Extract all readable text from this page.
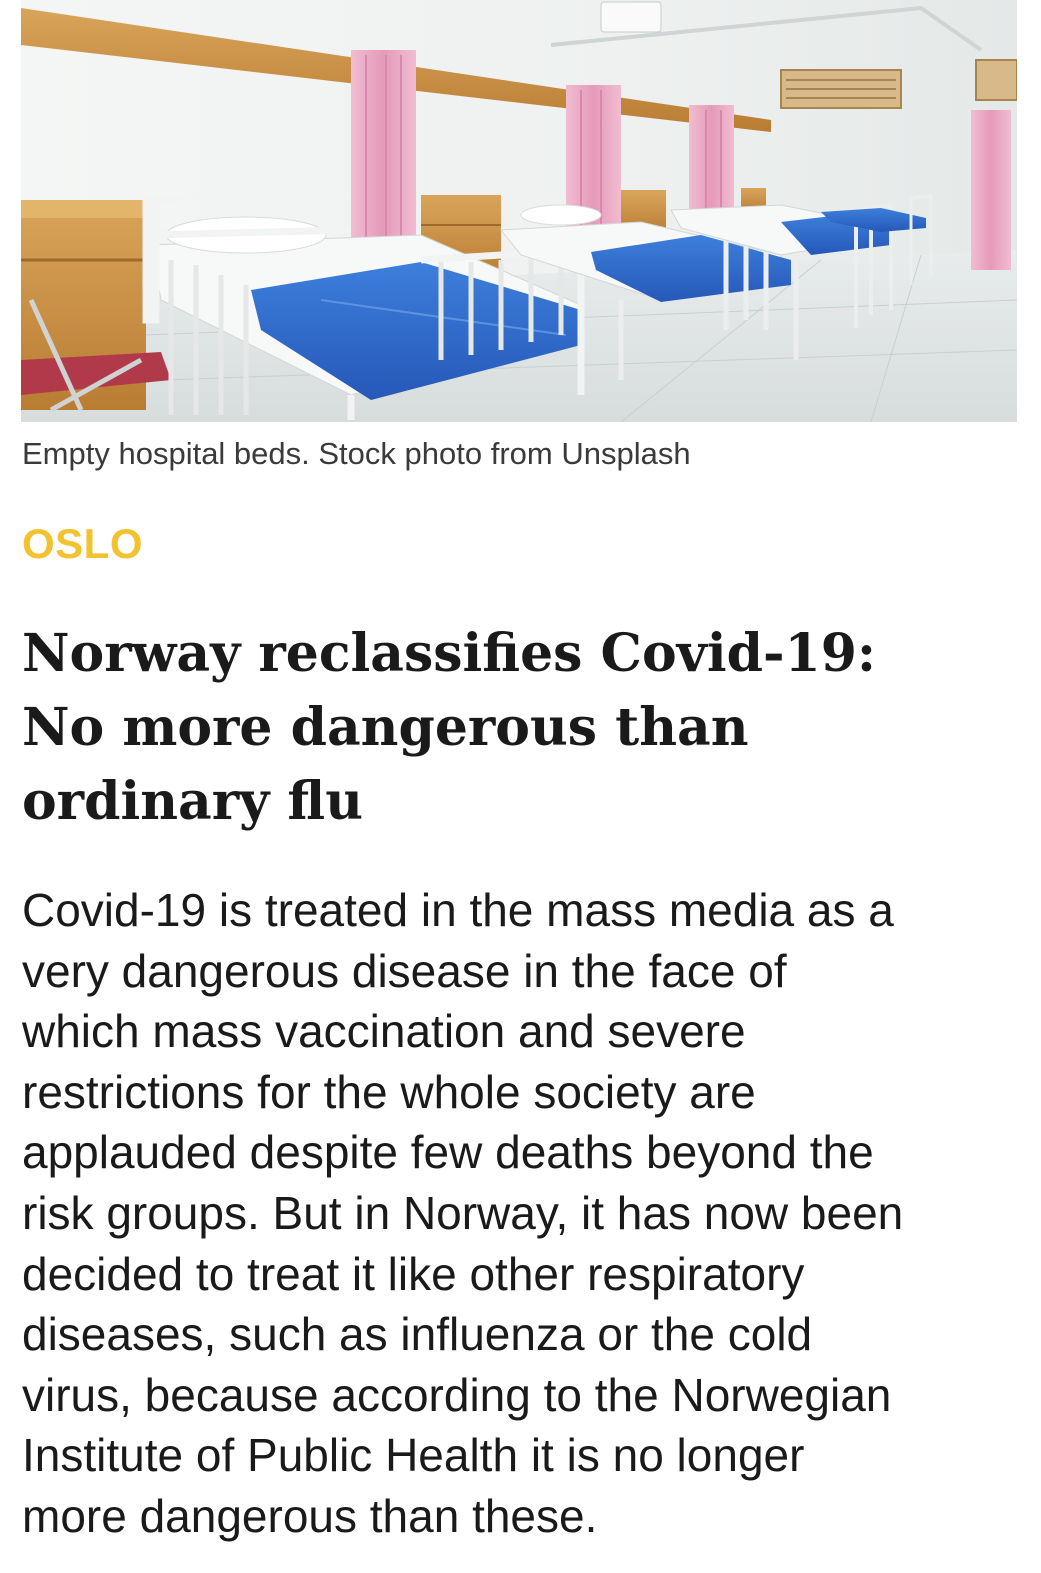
Empty hospital beds. Stock photo from Unsplash
OSLO
Norway reclassifies Covid-19:
No more dangerous than
ordinary flu

Covid-19 is treated in the mass media as a
very dangerous disease in the face of
which mass vaccination and severe
restrictions for the whole society are
applauded despite few deaths beyond the
risk groups. But in Norway, it has now been
decided to treat it like other respiratory
diseases, such as influenza or the cold
virus, because according to the Norwegian
Institute of Public Health it is no longer
more dangerous than these.
